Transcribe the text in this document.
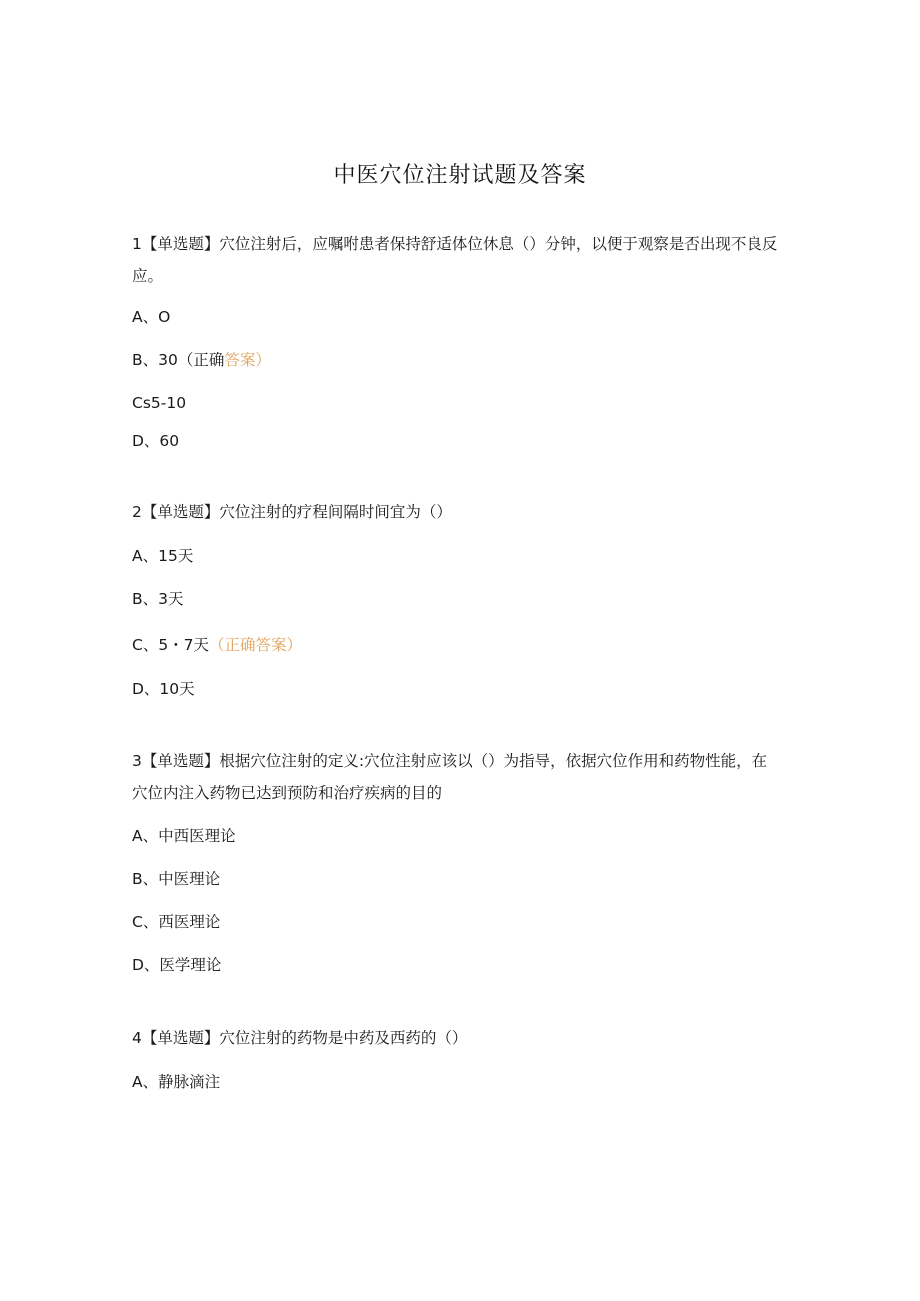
中医穴位注射试题及答案
1【单选题】穴位注射后，应嘱咐患者保持舒适体位休息（）分钟，以便于观察是否出现不良反应。
A、O
B、30（正确答案）
Cs5-10
D、60
2【单选题】穴位注射的疗程间隔时间宜为（）
A、15天
B、3天
C、5・7天（正确答案）
D、10天
3【单选题】根据穴位注射的定义:穴位注射应该以（）为指导，依据穴位作用和药物性能，在穴位内注入药物已达到预防和治疗疾病的目的
A、中西医理论
B、中医理论
C、西医理论
D、医学理论
4【单选题】穴位注射的药物是中药及西药的（）
A、静脉滴注
